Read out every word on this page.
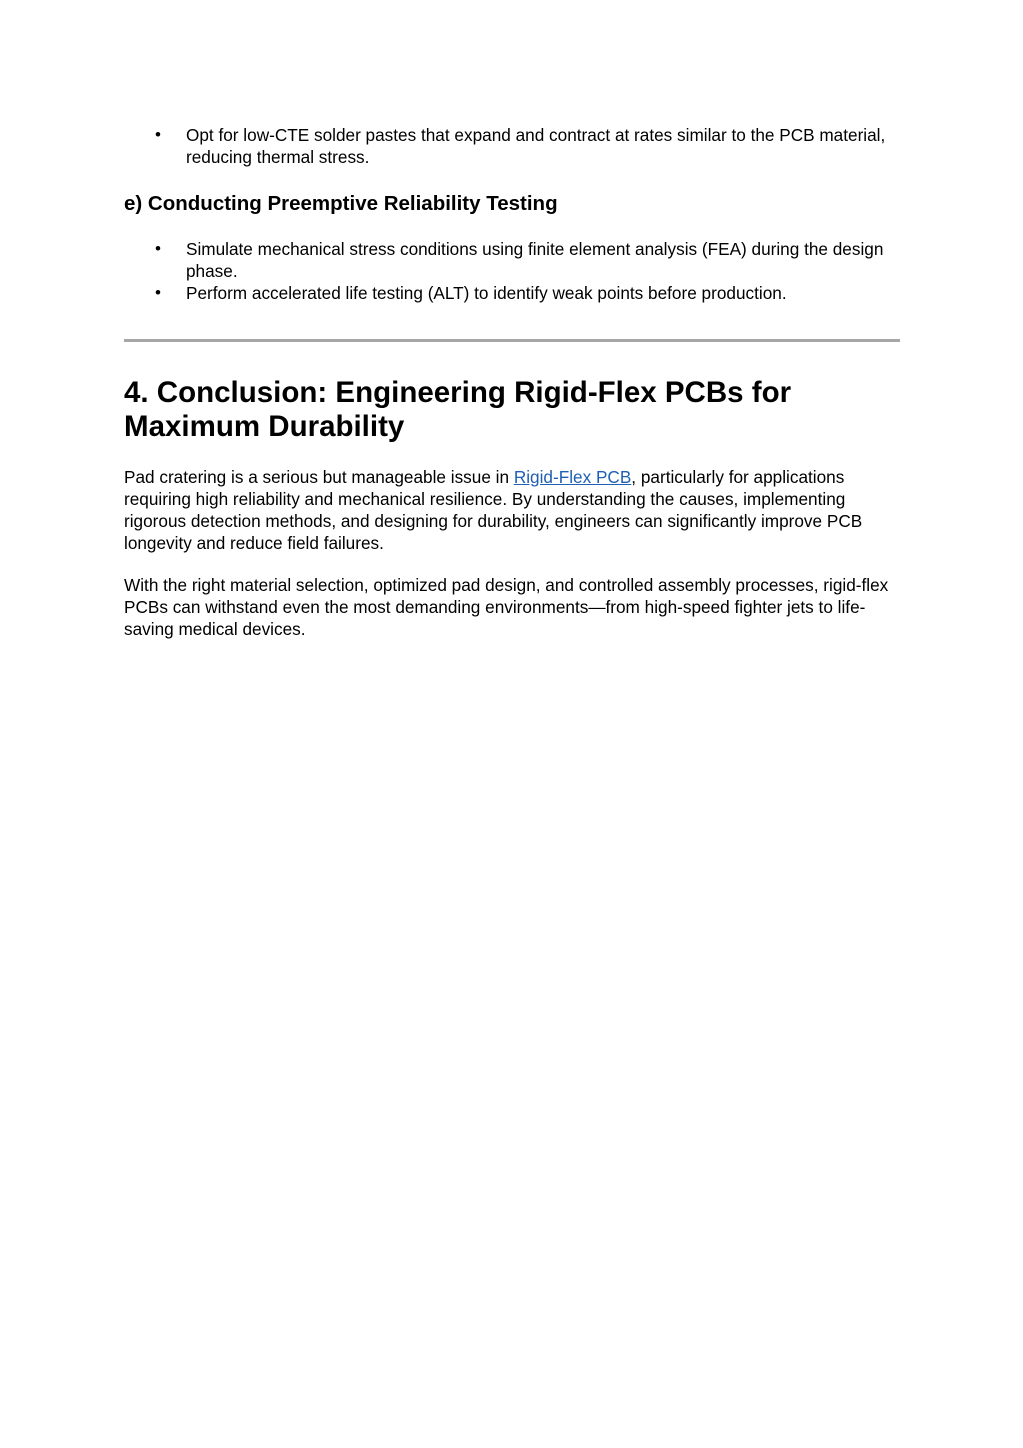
• Opt for low-CTE solder pastes that expand and contract at rates similar to the PCB material, reducing thermal stress.
e) Conducting Preemptive Reliability Testing
• Simulate mechanical stress conditions using finite element analysis (FEA) during the design phase.
• Perform accelerated life testing (ALT) to identify weak points before production.
4. Conclusion: Engineering Rigid-Flex PCBs for
Maximum Durability

Pad cratering is a serious but manageable issue in Rigid-Flex PCB, particularly for applications requiring high reliability and mechanical resilience. By understanding the causes, implementing rigorous detection methods, and designing for durability, engineers can significantly improve PCB longevity and reduce field failures.

With the right material selection, optimized pad design, and controlled assembly processes, rigid-flex PCBs can withstand even the most demanding environments—from high-speed fighter jets to life-saving medical devices.
